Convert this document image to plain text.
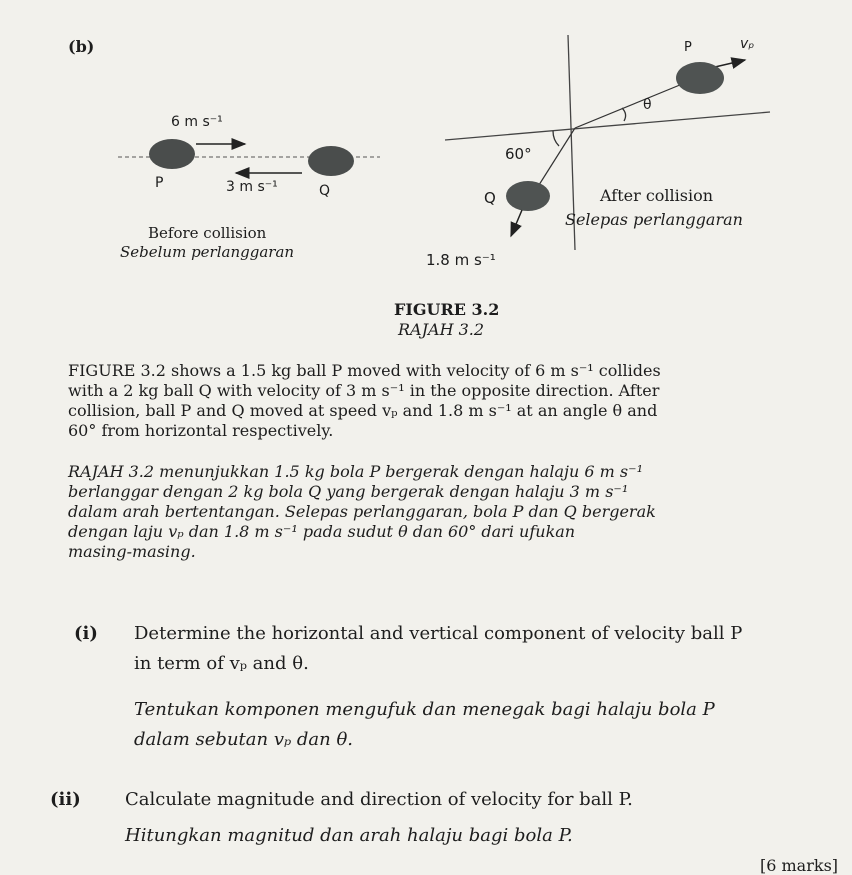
(b)
6 m s⁻¹
P	3 m s⁻¹	Q
Before collision
Sebelum perlanggaran
P	vₚ
θ
60°
Q	After collision
Selepas perlanggaran
1.8 m s⁻¹
FIGURE 3.2
RAJAH 3.2
FIGURE 3.2 shows a 1.5 kg ball P moved with velocity of 6 m s⁻¹ collides
with a 2 kg ball Q with velocity of 3 m s⁻¹ in the opposite direction. After
collision, ball P and Q moved at speed vₚ and 1.8 m s⁻¹ at an angle θ and
60° from horizontal respectively.
RAJAH 3.2 menunjukkan 1.5 kg bola P bergerak dengan halaju 6 m s⁻¹
berlanggar dengan 2 kg bola Q yang bergerak dengan halaju 3 m s⁻¹
dalam arah bertentangan. Selepas perlanggaran, bola P dan Q bergerak
dengan laju vₚ dan 1.8 m s⁻¹ pada sudut θ dan 60° dari ufukan
masing-masing.
(i) Determine the horizontal and vertical component of velocity ball P
in term of vₚ and θ.
Tentukan komponen mengufuk dan menegak bagi halaju bola P
dalam sebutan vₚ dan θ.
(ii) Calculate magnitude and direction of velocity for ball P.
Hitungkan magnitud dan arah halaju bagi bola P.
[6 marks]
